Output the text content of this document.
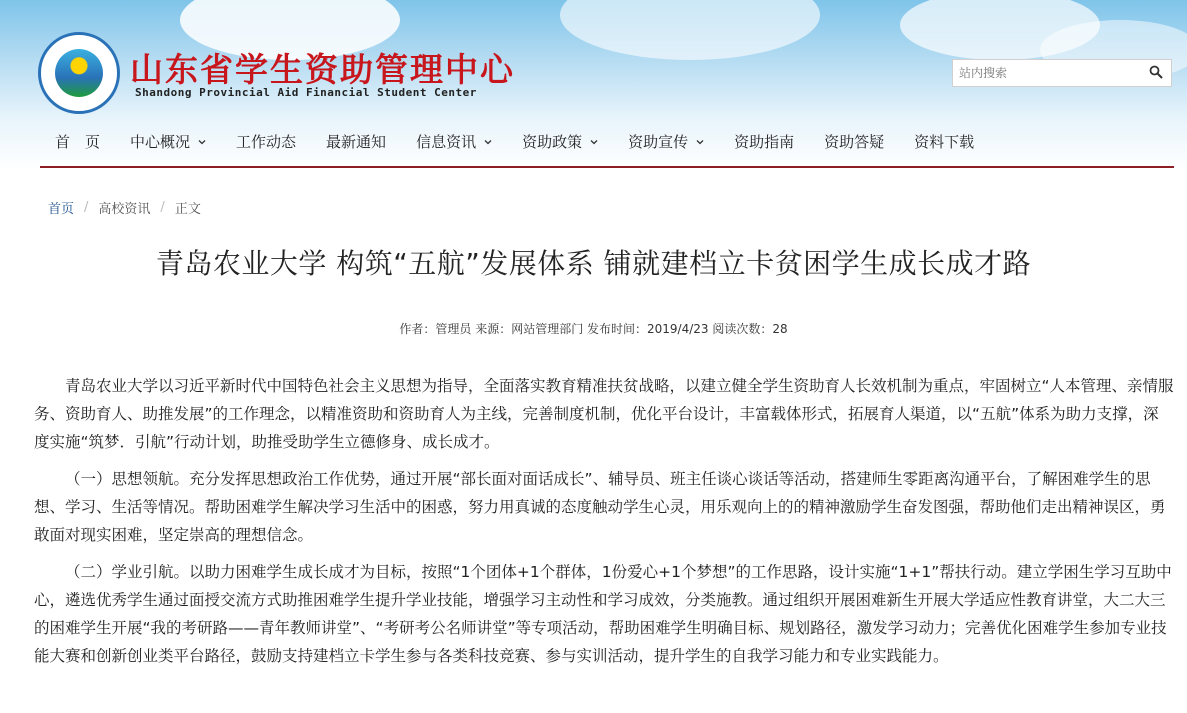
山东省学生资助管理中心
Shandong Provincial Aid Financial Student Center
站内搜索
首　页 中心概况	工作动态 最新通知 信息资讯	资助政策	资助宣传	资助指南 资助答疑 资料下载
首页 / 高校资讯 / 正文
青岛农业大学 构筑“五航”发展体系 铺就建档立卡贫困学生成长成才路
作者：管理员 来源：网站管理部门 发布时间：2019/4/23 阅读次数：28

青岛农业大学以习近平新时代中国特色社会主义思想为指导，全面落实教育精准扶贫战略，以建立健全学生资助育人长效机制为重点，牢固树立“人本管理、亲情服务、资助育人、助推发展”的工作理念，以精准资助和资助育人为主线，完善制度机制，优化平台设计，丰富载体形式，拓展育人渠道，以“五航”体系为助力支撑，深度实施“筑梦．引航”行动计划，助推受助学生立德修身、成长成才。

（一）思想领航。充分发挥思想政治工作优势，通过开展“部长面对面话成长”、辅导员、班主任谈心谈话等活动，搭建师生零距离沟通平台，了解困难学生的思想、学习、生活等情况。帮助困难学生解决学习生活中的困惑，努力用真诚的态度触动学生心灵，用乐观向上的的精神激励学生奋发图强，帮助他们走出精神误区，勇敢面对现实困难，坚定崇高的理想信念。

（二）学业引航。以助力困难学生成长成才为目标，按照“1个团体+1个群体，1份爱心+1个梦想”的工作思路，设计实施“1+1”帮扶行动。建立学困生学习互助中心，遴选优秀学生通过面授交流方式助推困难学生提升学业技能，增强学习主动性和学习成效，分类施教。通过组织开展困难新生开展大学适应性教育讲堂，大二大三的困难学生开展“我的考研路——青年教师讲堂”、“考研考公名师讲堂”等专项活动，帮助困难学生明确目标、规划路径，激发学习动力；完善优化困难学生参加专业技能大赛和创新创业类平台路径，鼓励支持建档立卡学生参与各类科技竞赛、参与实训活动，提升学生的自我学习能力和专业实践能力。
